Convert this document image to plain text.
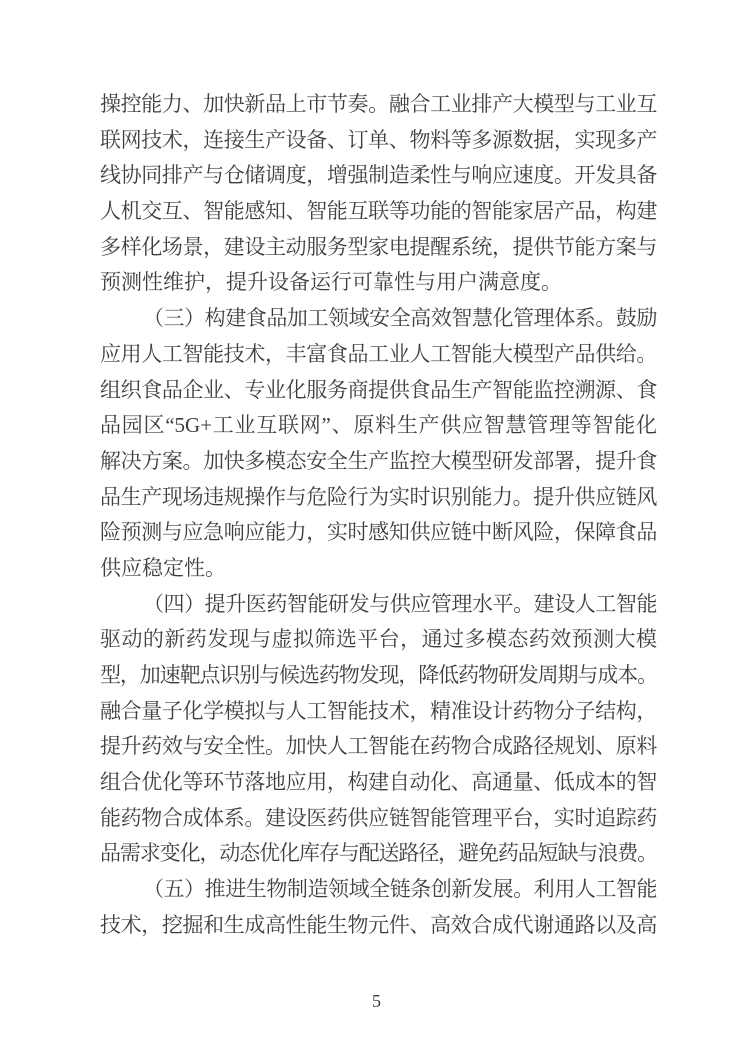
操控能力、加快新品上市节奏。融合工业排产大模型与工业互
联网技术，连接生产设备、订单、物料等多源数据，实现多产
线协同排产与仓储调度，增强制造柔性与响应速度。开发具备
人机交互、智能感知、智能互联等功能的智能家居产品，构建
多样化场景，建设主动服务型家电提醒系统，提供节能方案与
预测性维护，提升设备运行可靠性与用户满意度。
（三）构建食品加工领域安全高效智慧化管理体系。鼓励
应用人工智能技术，丰富食品工业人工智能大模型产品供给。
组织食品企业、专业化服务商提供食品生产智能监控溯源、食
品园区“5G+工业互联网”、原料生产供应智慧管理等智能化
解决方案。加快多模态安全生产监控大模型研发部署，提升食
品生产现场违规操作与危险行为实时识别能力。提升供应链风
险预测与应急响应能力，实时感知供应链中断风险，保障食品
供应稳定性。
（四）提升医药智能研发与供应管理水平。建设人工智能
驱动的新药发现与虚拟筛选平台，通过多模态药效预测大模
型，加速靶点识别与候选药物发现，降低药物研发周期与成本。
融合量子化学模拟与人工智能技术，精准设计药物分子结构，
提升药效与安全性。加快人工智能在药物合成路径规划、原料
组合优化等环节落地应用，构建自动化、高通量、低成本的智
能药物合成体系。建设医药供应链智能管理平台，实时追踪药
品需求变化，动态优化库存与配送路径，避免药品短缺与浪费。
（五）推进生物制造领域全链条创新发展。利用人工智能
技术，挖掘和生成高性能生物元件、高效合成代谢通路以及高
5
